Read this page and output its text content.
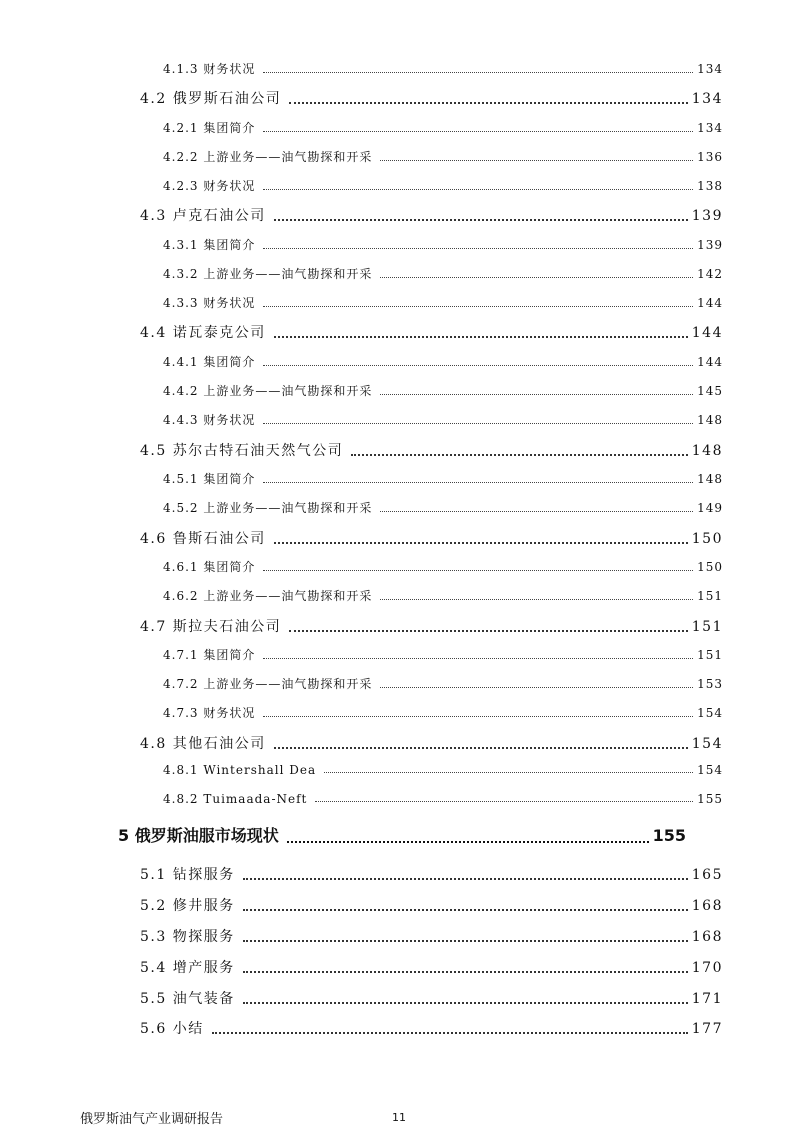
4.1.3 财务状况	134
4.2 俄罗斯石油公司	134
4.2.1 集团简介	134
4.2.2 上游业务——油气勘探和开采	136
4.2.3 财务状况	138
4.3 卢克石油公司	139
4.3.1 集团简介	139
4.3.2 上游业务——油气勘探和开采	142
4.3.3 财务状况	144
4.4 诺瓦泰克公司	144
4.4.1 集团简介	144
4.4.2 上游业务——油气勘探和开采	145
4.4.3 财务状况	148
4.5 苏尔古特石油天然气公司	148
4.5.1 集团简介	148
4.5.2 上游业务——油气勘探和开采	149
4.6 鲁斯石油公司	150
4.6.1 集团简介	150
4.6.2 上游业务——油气勘探和开采	151
4.7 斯拉夫石油公司	151
4.7.1 集团简介	151
4.7.2 上游业务——油气勘探和开采	153
4.7.3 财务状况	154
4.8 其他石油公司	154
4.8.1 Wintershall Dea	154
4.8.2 Tuimaada-Neft	155
5 俄罗斯油服市场现状	155
5.1 钻探服务	165
5.2 修井服务	168
5.3 物探服务	168
5.4 增产服务	170
5.5 油气装备	171
5.6 小结	177
俄罗斯油气产业调研报告	11
